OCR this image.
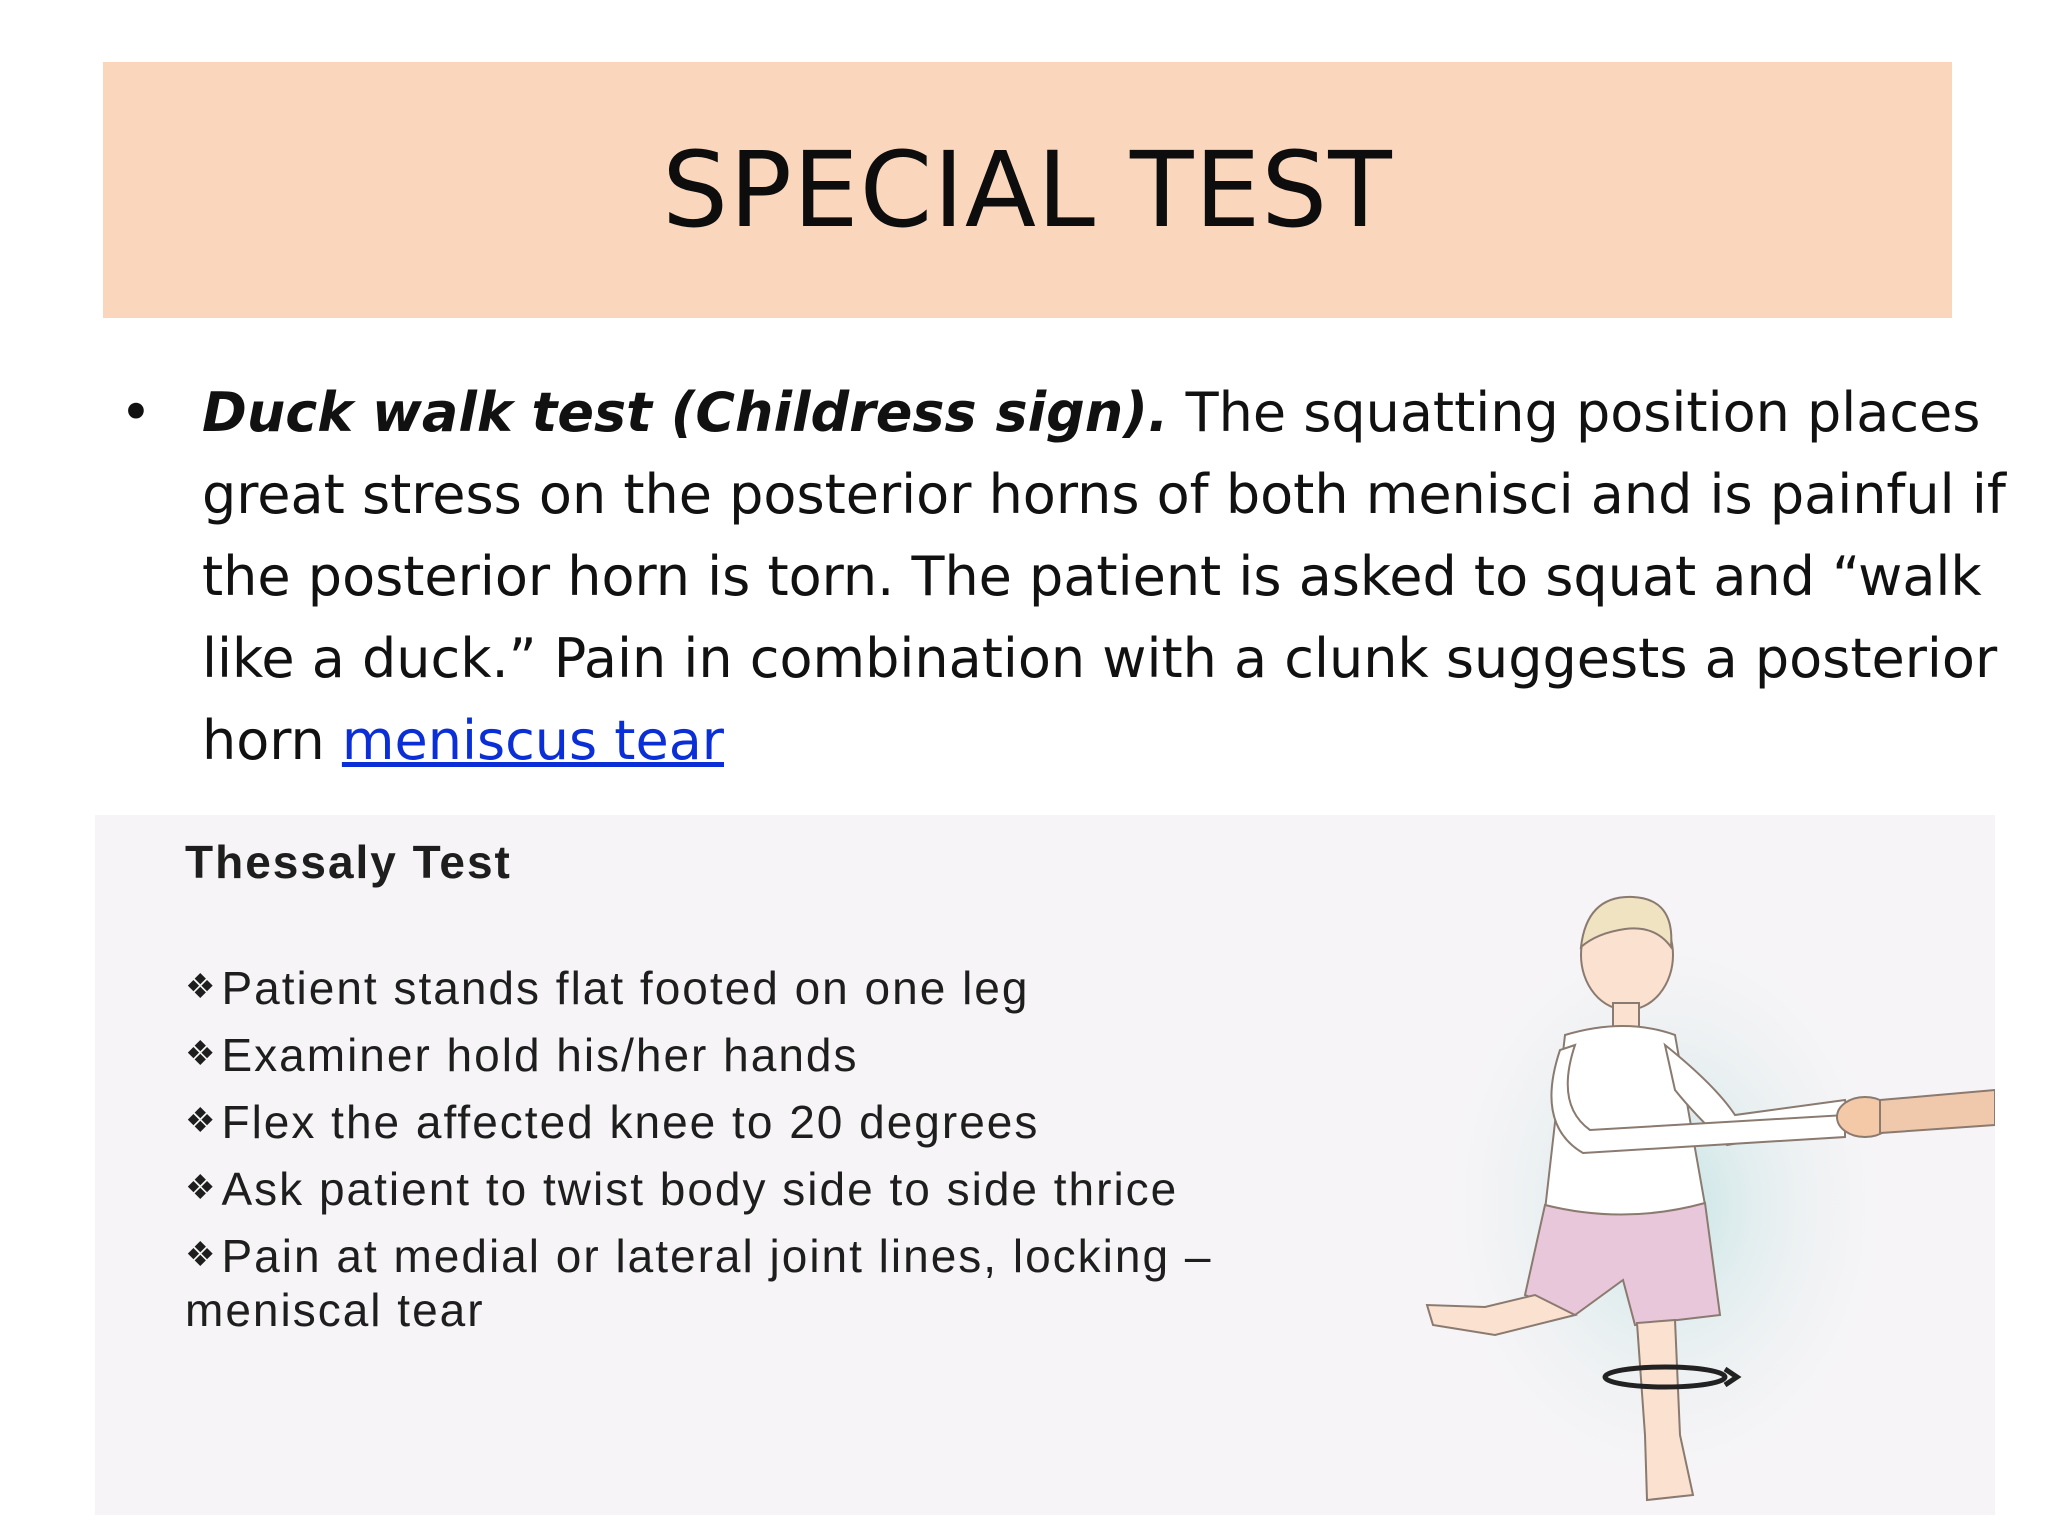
SPECIAL TEST
• Duck walk test (Childress sign). The squatting position places great stress on the posterior horns of both menisci and is painful if the posterior horn is torn. The patient is asked to squat and “walk like a duck.” Pain in combination with a clunk suggests a posterior horn meniscus tear
Thessaly Test
❖Patient stands flat footed on one leg
❖Examiner hold his/her hands
❖Flex the affected knee to 20 degrees
❖Ask patient to twist body side to side thrice
❖Pain at medial or lateral joint lines, locking – meniscal tear
